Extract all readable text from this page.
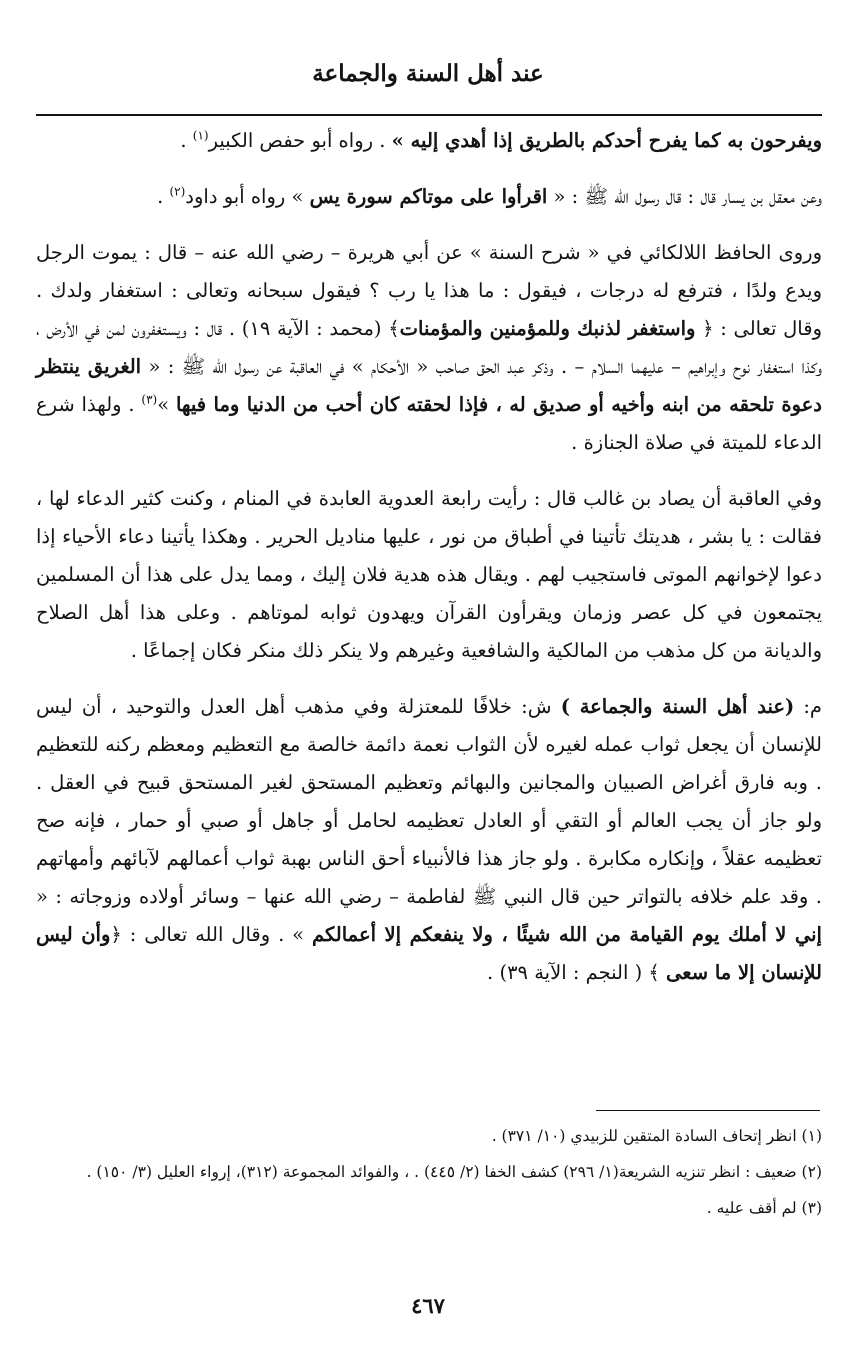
عند أهل السنة والجماعة

ويفرحون به كما يفرح أحدكم بالطريق إذا أهدي إليه » . رواه أبو حفص الكبير$^{(١)}$ .

وعن معقل بن يسار قال : قال رسول الله ﷺ : « اقرأوا على موتاكم سورة يس » رواه أبو داود$^{(٢)}$ .

وروى الحافظ اللالكائي في « شرح السنة » عن أبي هريرة – رضي الله عنه – قال : يموت الرجل ويدع ولدًا ، فترفع له درجات ، فيقول : ما هذا يا رب ؟ فيقول سبحانه وتعالى : استغفار ولدك . وقال تعالى : ﴿ واستغفر لذنبك وللمؤمنين والمؤمنات﴾ (محمد : الآية ١٩) . قال : ويستغفرون لمن في الأرض ، وكذا استغفار نوح وإبراهيم – عليهما السلام – . وذكر عبد الحق صاحب « الأحكام » في العاقبة عن رسول الله ﷺ : « الغريق ينتظر دعوة تلحقه من ابنه وأخيه أو صديق له ، فإذا لحقته كان أحب من الدنيا وما فيها »$^{(٣)}$ . ولهذا شرع الدعاء للميتة في صلاة الجنازة .

وفي العاقبة أن يصاد بن غالب قال : رأيت رابعة العدوية العابدة في المنام ، وكنت كثير الدعاء لها ، فقالت : يا بشر ، هديتك تأتينا في أطباق من نور ، عليها مناديل الحرير . وهكذا يأتينا دعاء الأحياء إذا دعوا لإخوانهم الموتى فاستجيب لهم . ويقال هذه هدية فلان إليك ، ومما يدل على هذا أن المسلمين يجتمعون في كل عصر وزمان ويقرأون القرآن ويهدون ثوابه لموتاهم . وعلى هذا أهل الصلاح والديانة من كل مذهب من المالكية والشافعية وغيرهم ولا ينكر ذلك منكر فكان إجماعًا .

م: (عند أهل السنة والجماعة ) ش: خلافًا للمعتزلة وفي مذهب أهل العدل والتوحيد ، أن ليس للإنسان أن يجعل ثواب عمله لغيره لأن الثواب نعمة دائمة خالصة مع التعظيم ومعظم ركنه للتعظيم . وبه فارق أغراض الصبيان والمجانين والبهائم وتعظيم المستحق لغير المستحق قبيح في العقل . ولو جاز أن يجب العالم أو التقي أو العادل تعظيمه لحامل أو جاهل أو صبي أو حمار ، فإنه صح تعظيمه عقلاً ، وإنكاره مكابرة . ولو جاز هذا فالأنبياء أحق الناس بهبة ثواب أعمالهم لآبائهم وأمهاتهم . وقد علم خلافه بالتواتر حين قال النبي ﷺ لفاطمة – رضي الله عنها – وسائر أولاده وزوجاته : « إني لا أملك يوم القيامة من الله شيئًا ، ولا ينفعكم إلا أعمالكم » . وقال الله تعالى : ﴿وأن ليس للإنسان إلا ما سعى ﴾ ( النجم : الآية ٣٩) .

(١) انظر إتحاف السادة المتقين للزبيدي (١٠/ ٣٧١) .

(٢) ضعيف : انظر تنزيه الشريعة(١/ ٢٩٦) كشف الخفا (٢/ ٤٤٥) . ، والفوائد المجموعة (٣١٢)، إرواء العليل (٣/ ١٥٠) .

(٣) لم أقف عليه .

٤٦٧
